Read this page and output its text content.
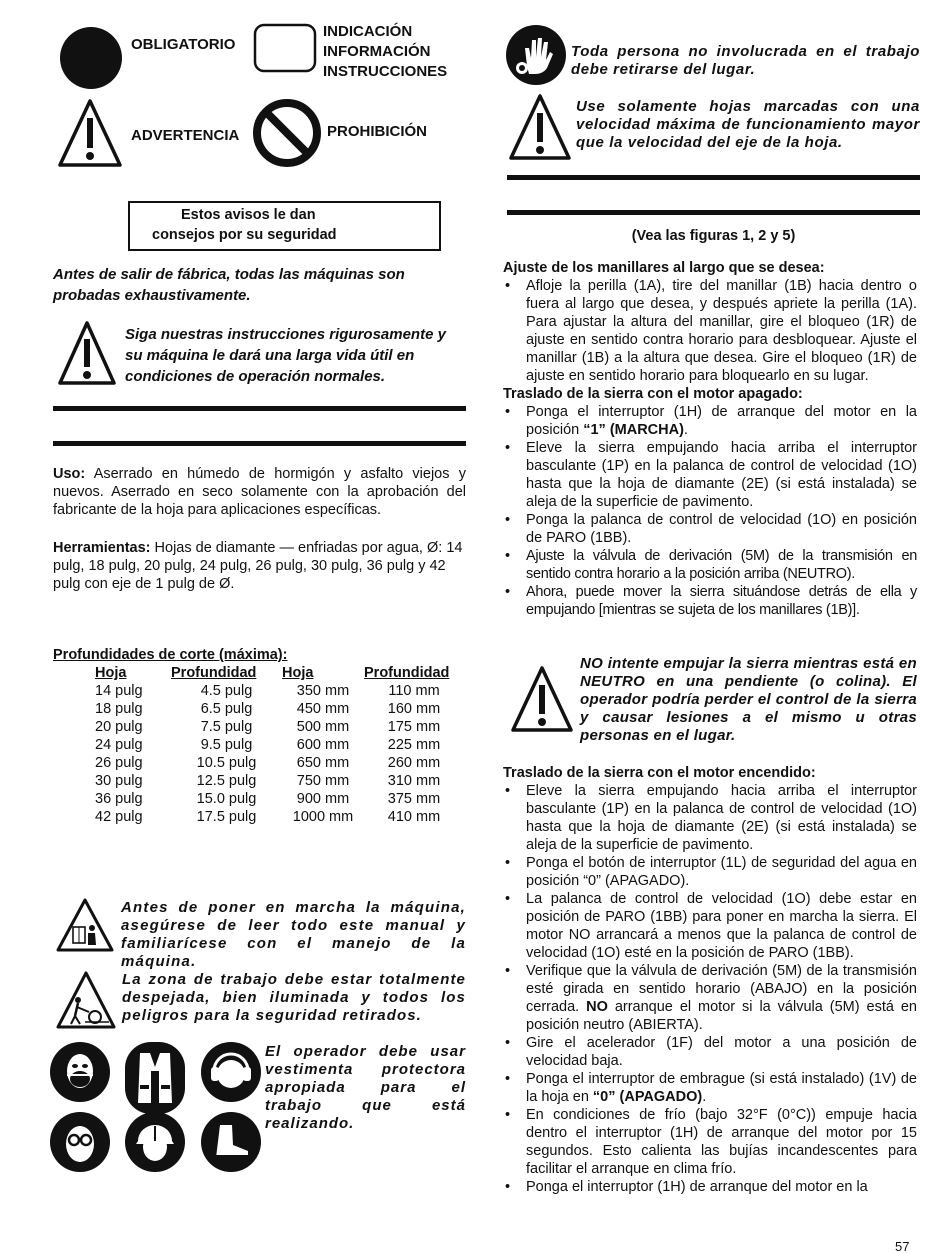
OBLIGATORIO
INDICACIÓN
INFORMACIÓN
INSTRUCCIONES
ADVERTENCIA	PROHIBICIÓN
Estos avisos le dan
consejos por su seguridad
Antes de salir de fábrica, todas las máquinas son probadas exhaustivamente.
Siga nuestras instrucciones rigurosamente y su máquina le dará una larga vida útil en condiciones de operación normales.
Uso: Aserrado en húmedo de hormigón y asfalto viejos y nuevos. Aserrado en seco solamente con la aprobación del fabricante de la hoja para aplicaciones específicas.
Herramientas: Hojas de diamante — enfriadas por agua, Ø: 14 pulg, 18 pulg, 20 pulg, 24 pulg, 26 pulg, 30 pulg, 36 pulg y 42 pulg con eje de 1 pulg de Ø.
Profundidades de corte (máxima):
Hoja	Profundidad	Hoja	Profundidad
14 pulg	4.5 pulg	350 mm	110 mm
18 pulg	6.5 pulg	450 mm	160 mm
20 pulg	7.5 pulg	500 mm	175 mm
24 pulg	9.5 pulg	600 mm	225 mm
26 pulg	10.5 pulg	650 mm	260 mm
30 pulg	12.5 pulg	750 mm	310 mm
36 pulg	15.0 pulg	900 mm	375 mm
42 pulg	17.5 pulg	1000 mm	410 mm
Antes de poner en marcha la máquina, asegúrese de leer todo este manual y familiarícese con el manejo de la máquina.
La zona de trabajo debe estar totalmente despejada, bien iluminada y todos los peligros para la seguridad retirados.
El operador debe usar vestimenta protectora apropiada para el trabajo que está realizando.
Toda persona no involucrada en el trabajo debe retirarse del lugar.
Use solamente hojas marcadas con una velocidad máxima de funcionamiento mayor que la velocidad del eje de la hoja.
(Vea las figuras 1, 2 y 5)
Ajuste de los manillares al largo que se desea:
• Afloje la perilla (1A), tire del manillar (1B) hacia dentro o fuera al largo que desea, y después apriete la perilla (1A). Para ajustar la altura del manillar, gire el bloqueo (1R) de ajuste en sentido contra horario para desbloquear. Ajuste el manillar (1B) a la altura que desea. Gire el bloqueo (1R) de ajuste en sentido horario para bloquearlo en su lugar.
Traslado de la sierra con el motor apagado:
• Ponga el interruptor (1H) de arranque del motor en la posición “1” (MARCHA).
• Eleve la sierra empujando hacia arriba el interruptor basculante (1P) en la palanca de control de velocidad (1O) hasta que la hoja de diamante (2E) (si está instalada) se aleja de la superficie de pavimento.
• Ponga la palanca de control de velocidad (1O) en posición de PARO (1BB).
• Ajuste la válvula de derivación (5M) de la transmisión en sentido contra horario a la posición arriba (NEUTRO).
• Ahora, puede mover la sierra situándose detrás de ella y empujando [mientras se sujeta de los manillares (1B)].
NO intente empujar la sierra mientras está en NEUTRO en una pendiente (o colina). El operador podría perder el control de la sierra y causar lesiones a el mismo u otras personas en el lugar.
Traslado de la sierra con el motor encendido:
• Eleve la sierra empujando hacia arriba el interruptor basculante (1P) en la palanca de control de velocidad (1O) hasta que la hoja de diamante (2E) (si está instalada) se aleja de la superficie de pavimento.
• Ponga el botón de interruptor (1L) de seguridad del agua en posición “0” (APAGADO).
• La palanca de control de velocidad (1O) debe estar en posición de PARO (1BB) para poner en marcha la sierra. El motor NO arrancará a menos que la palanca de control de velocidad (1O) esté en la posición de PARO (1BB).
• Verifique que la válvula de derivación (5M) de la transmisión esté girada en sentido horario (ABAJO) en la posición cerrada. NO arranque el motor si la válvula (5M) está en posición neutro (ABIERTA).
• Gire el acelerador (1F) del motor a una posición de velocidad baja.
• Ponga el interruptor de embrague (si está instalado) (1V) de la hoja en “0” (APAGADO).
• En condiciones de frío (bajo 32°F (0°C)) empuje hacia dentro el interruptor (1H) de arranque del motor por 15 segundos. Esto calienta las bujías incandescentes para facilitar el arranque en clima frío.
• Ponga el interruptor (1H) de arranque del motor en la
57
